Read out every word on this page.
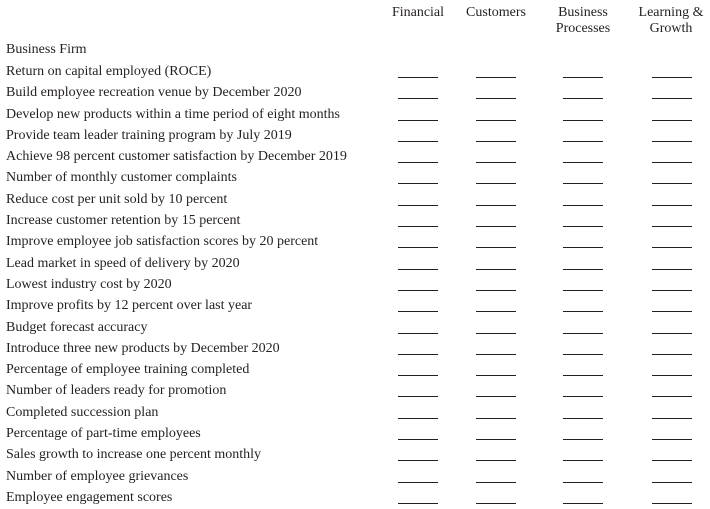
Financial Customers	Business
Processes
Learning &
Growth
Business Firm
Return on capital employed (ROCE)
Build employee recreation venue by December 2020
Develop new products within a time period of eight months
Provide team leader training program by July 2019
Achieve 98 percent customer satisfaction by December 2019
Number of monthly customer complaints
Reduce cost per unit sold by 10 percent
Increase customer retention by 15 percent
Improve employee job satisfaction scores by 20 percent
Lead market in speed of delivery by 2020
Lowest industry cost by 2020
Improve profits by 12 percent over last year
Budget forecast accuracy
Introduce three new products by December 2020
Percentage of employee training completed
Number of leaders ready for promotion
Completed succession plan
Percentage of part-time employees
Sales growth to increase one percent monthly
Number of employee grievances
Employee engagement scores
